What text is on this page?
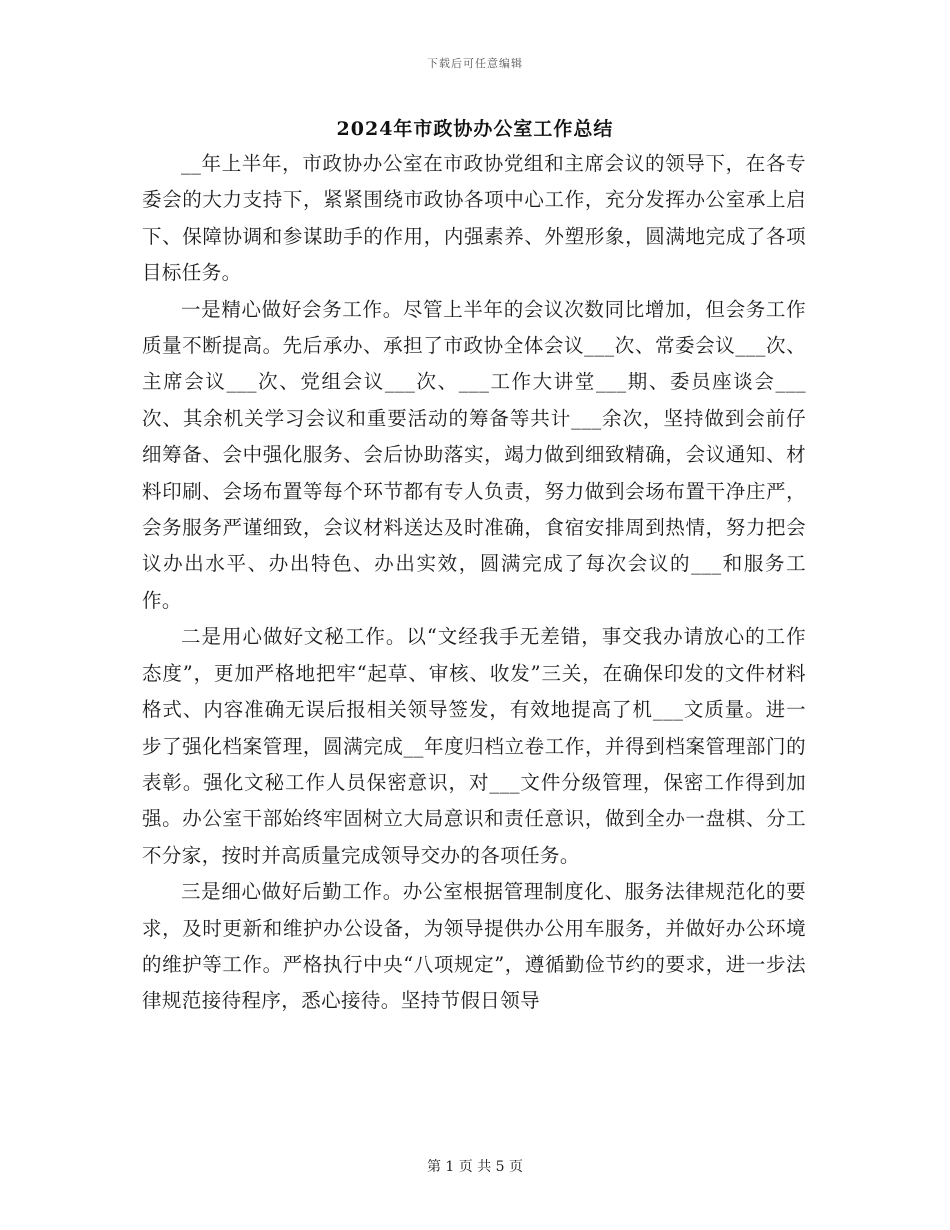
下载后可任意编辑
2024年市政协办公室工作总结

__年上半年，市政协办公室在市政协党组和主席会议的领导下，在各专委会的大力支持下，紧紧围绕市政协各项中心工作，充分发挥办公室承上启下、保障协调和参谋助手的作用，内强素养、外塑形象，圆满地完成了各项目标任务。

一是精心做好会务工作。尽管上半年的会议次数同比增加，但会务工作质量不断提高。先后承办、承担了市政协全体会议___次、常委会议___次、主席会议___次、党组会议___次、___工作大讲堂___期、委员座谈会___次、其余机关学习会议和重要活动的筹备等共计___余次，坚持做到会前仔细筹备、会中强化服务、会后协助落实，竭力做到细致精确，会议通知、材料印刷、会场布置等每个环节都有专人负责，努力做到会场布置干净庄严，会务服务严谨细致，会议材料送达及时准确，食宿安排周到热情，努力把会议办出水平、办出特色、办出实效，圆满完成了每次会议的___和服务工作。

二是用心做好文秘工作。以“文经我手无差错，事交我办请放心的工作态度”，更加严格地把牢“起草、审核、收发”三关，在确保印发的文件材料格式、内容准确无误后报相关领导签发，有效地提高了机___文质量。进一步了强化档案管理，圆满完成__年度归档立卷工作，并得到档案管理部门的表彰。强化文秘工作人员保密意识，对___文件分级管理，保密工作得到加强。办公室干部始终牢固树立大局意识和责任意识，做到全办一盘棋、分工不分家，按时并高质量完成领导交办的各项任务。

三是细心做好后勤工作。办公室根据管理制度化、服务法律规范化的要求，及时更新和维护办公设备，为领导提供办公用车服务，并做好办公环境的维护等工作。严格执行中央“八项规定”，遵循勤俭节约的要求，进一步法律规范接待程序，悉心接待。坚持节假日领导

第 1 页 共 5 页
